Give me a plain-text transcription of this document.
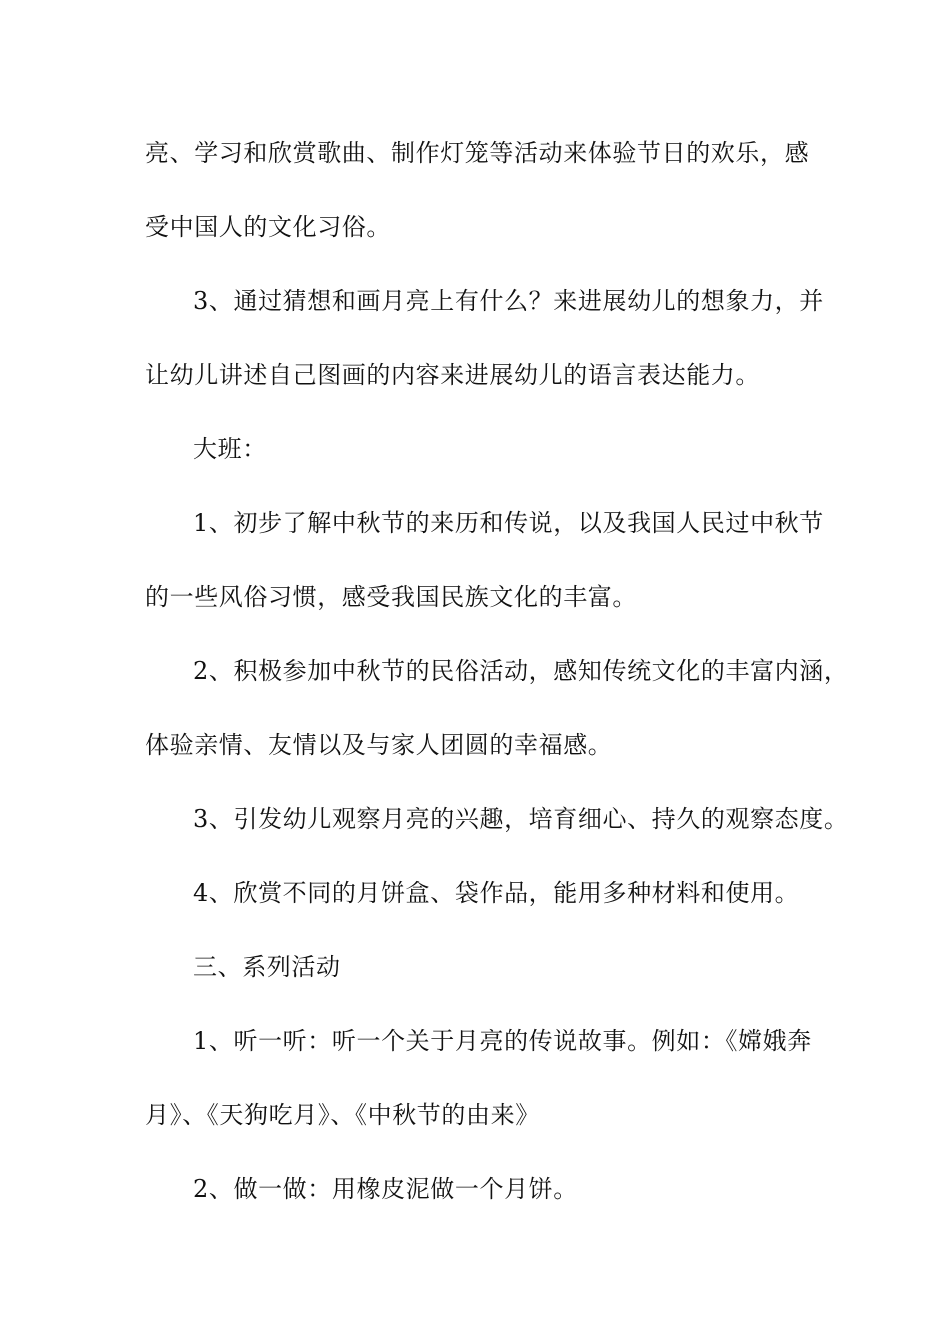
亮、学习和欣赏歌曲、制作灯笼等活动来体验节日的欢乐，感
受中国人的文化习俗。
3、通过猜想和画月亮上有什么？来进展幼儿的想象力，并
让幼儿讲述自己图画的内容来进展幼儿的语言表达能力。
大班：
1、初步了解中秋节的来历和传说，以及我国人民过中秋节
的一些风俗习惯，感受我国民族文化的丰富。
2、积极参加中秋节的民俗活动，感知传统文化的丰富内涵，
体验亲情、友情以及与家人团圆的幸福感。
3、引发幼儿观察月亮的兴趣，培育细心、持久的观察态度。
4、欣赏不同的月饼盒、袋作品，能用多种材料和使用。
三、系列活动
1、听一听：听一个关于月亮的传说故事。例如：《嫦娥奔
月》、《天狗吃月》、《中秋节的由来》
2、做一做：用橡皮泥做一个月饼。
